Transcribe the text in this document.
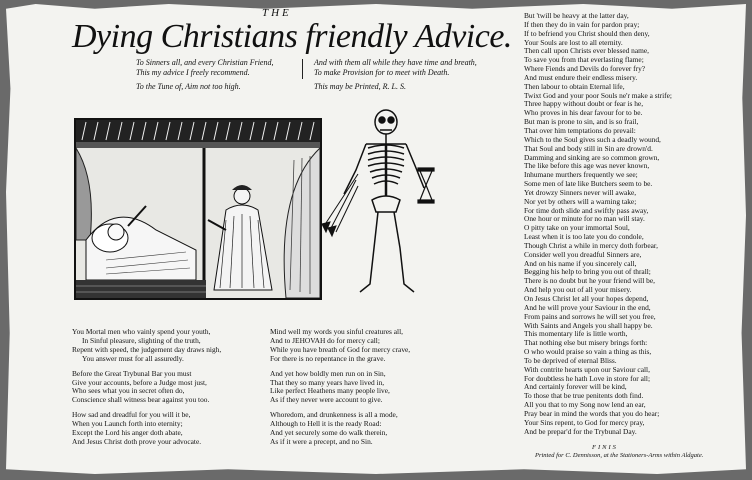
THE
Dying Christians friendly Advice.
To Sinners all, and every Christian Friend,
This my advice I freely recommend.
And with them all while they have time and breath,
To make Provision for to meet with Death.
To the Tune of, Aim not too high.	This may be Printed, R. L. S.
You Mortal men who vainly spend your youth,
In Sinful pleasure, slighting of the truth,
Repent with speed, the judgement day draws nigh,
You answer must for all assuredly.
Before the Great Trybunal Bar you must
Give your accounts, before a Judge most just,
Who sees what you in secret often do,
Conscience shall witness bear against you too.
How sad and dreadful for you will it be,
When you Launch forth into eternity;
Except the Lord his anger doth abate,
And Jesus Christ doth prove your advocate.
Mind well my words you sinful creatures all,
And to JEHOVAH do for mercy call;
While you have breath of God for mercy crave,
For there is no repentance in the grave.
And yet how boldly men run on in Sin,
That they so many years have lived in,
Like perfect Heathens many people live,
As if they never were account to give.
Whoredom, and drunkenness is all a mode,
Although to Hell it is the ready Road:
And yet securely some do walk therein,
As if it were a precept, and no Sin.
But 'twill be heavy at the latter day,
If then they do in vain for pardon pray;
If to befriend you Christ should then deny,
Your Souls are lost to all eternity.
Then call upon Christs ever blessed name,
To save you from that everlasting flame;
Where Fiends and Devils do forever fry?
And must endure their endless misery.
Then labour to obtain Eternal life,
Twixt God and your poor Souls ne'r make a strife;
Three happy without doubt or fear is he,
Who proves in his dear favour for to be.
But man is prone to sin, and is so frail,
That over him temptations do prevail:
Which to the Soul gives such a deadly wound,
That Soul and body still in Sin are drown'd.
Damming and sinking are so common grown,
The like before this age was never known,
Inhumane murthers frequently we see;
Some men of late like Butchers seem to be.
Yet drowzy Sinners never will awake,
Nor yet by others will a warning take;
For time doth slide and swiftly pass away,
One hour or minute for no man will stay.
O pitty take on your immortal Soul,
Least when it is too late you do condole,
Though Christ a while in mercy doth forbear,
Consider well you dreadful Sinners are,
And on his name if you sincerely call,
Begging his help to bring you out of thrall;
There is no doubt but he your friend will be,
And help you out of all your misery.
On Jesus Christ let all your hopes depend,
And he will prove your Saviour in the end,
From pains and sorrows he will set you free,
With Saints and Angels you shall happy be.
This momentary life is little worth,
That nothing else but misery brings forth:
O who would praise so vain a thing as this,
To be deprived of eternal Bliss.
With contrite hearts upon our Saviour call,
For doubtless he hath Love in store for all;
And certainly forever will be kind,
To those that be true penitents doth find.
All you that to my Song now lend an ear,
Pray bear in mind the words that you do hear;
Your Sins repent, to God for mercy pray,
And be prepar'd for the Trybunal Day.
FINIS
Printed for C. Dennisson, at the Stationers-Arms within Aldgate.
